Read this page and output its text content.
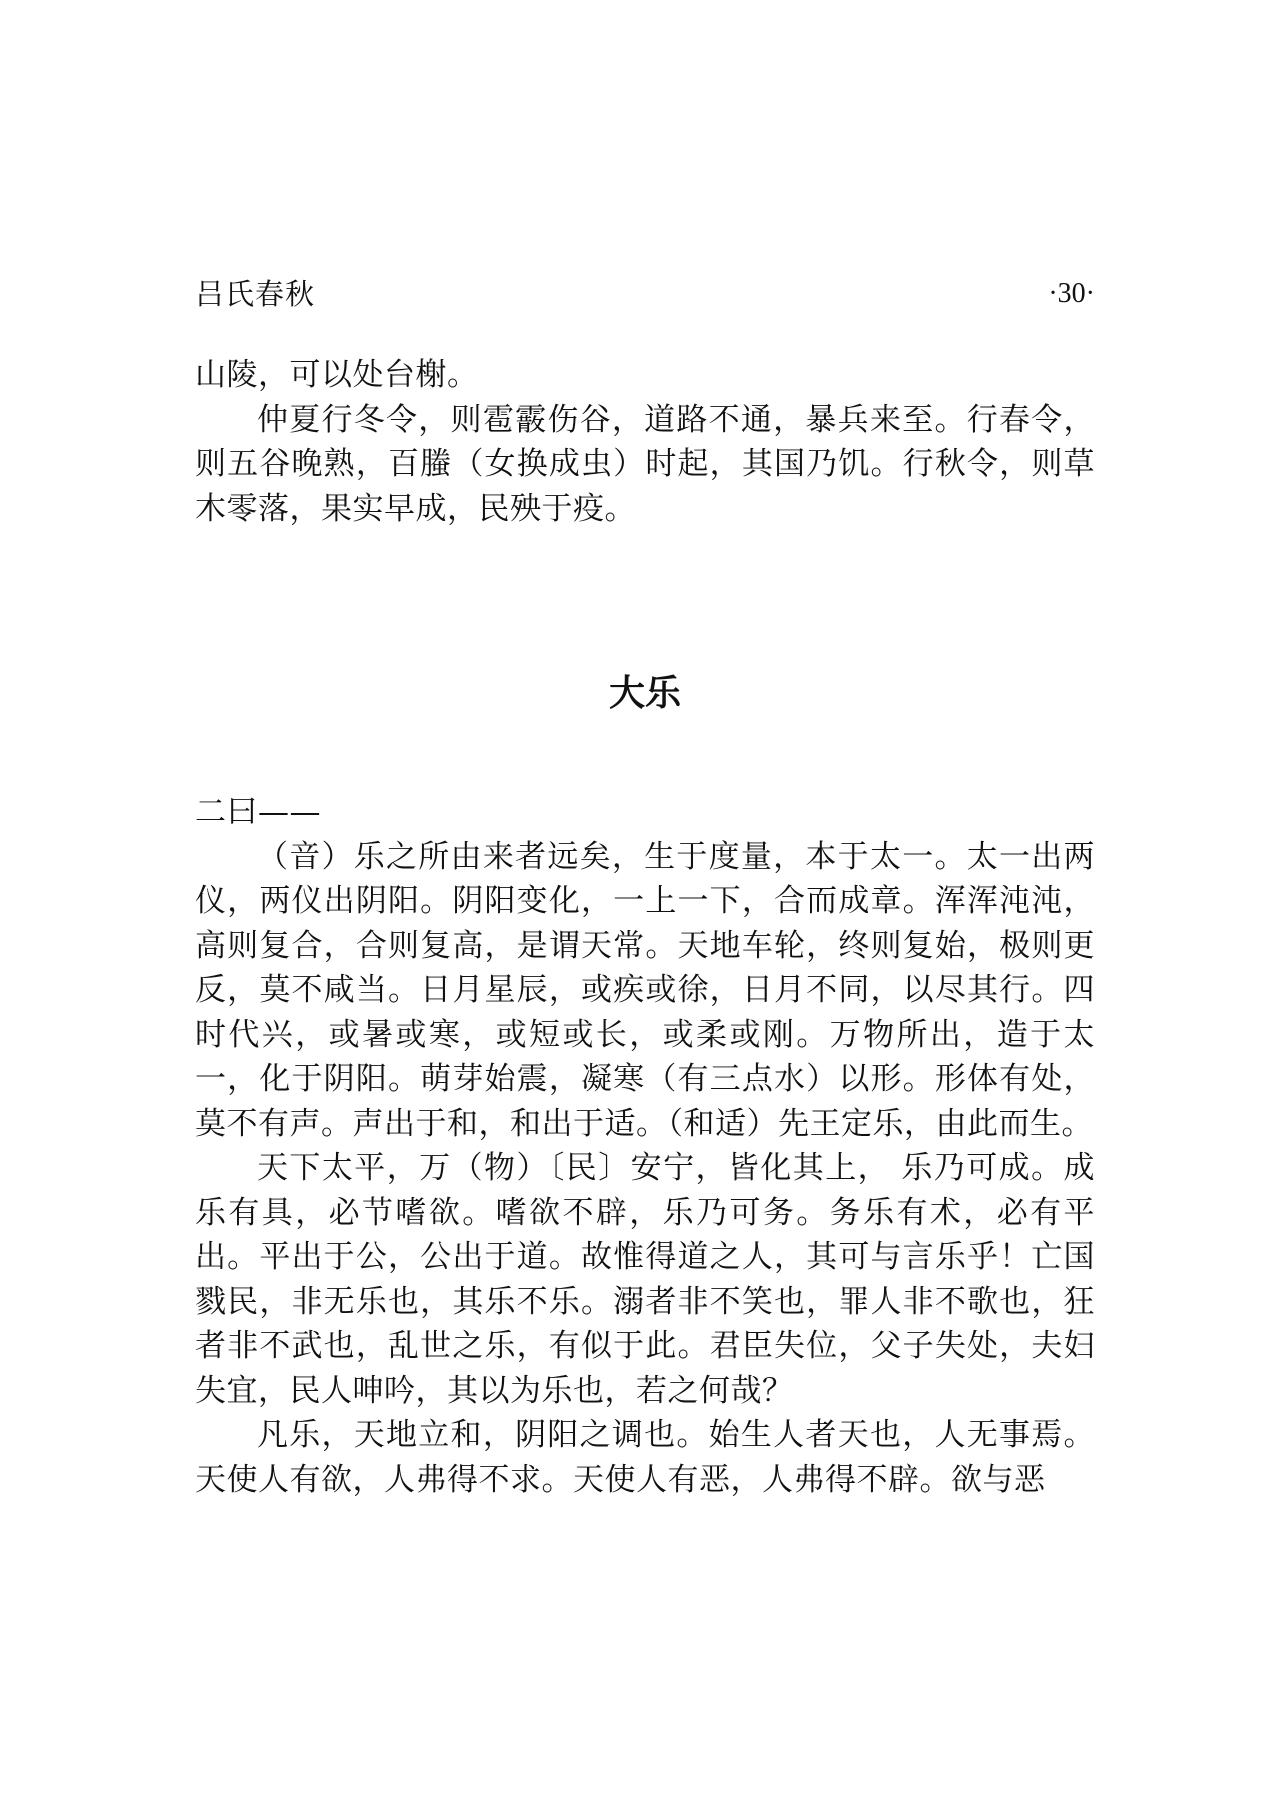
吕氏春秋	·30·

山陵，可以处台榭。

仲夏行冬令，则雹霰伤谷，道路不通，暴兵来至。行春令，则五谷晚熟，百螣（女换成虫）时起，其国乃饥。行秋令，则草木零落，果实早成，民殃于疫。

大乐

二曰——

（音）乐之所由来者远矣，生于度量，本于太一。太一出两仪，两仪出阴阳。阴阳变化，一上一下，合而成章。浑浑沌沌，高则复合，合则复高，是谓天常。天地车轮，终则复始，极则更反，莫不咸当。日月星辰，或疾或徐，日月不同，以尽其行。四时代兴，或暑或寒，或短或长，或柔或刚。万物所出，造于太一，化于阴阳。萌芽始震，凝寒（有三点水）以形。形体有处，莫不有声。声出于和，和出于适。（和适）先王定乐，由此而生。

天下太平，万（物）〔民〕安宁，皆化其上， 乐乃可成。成乐有具，必节嗜欲。嗜欲不辟，乐乃可务。务乐有术，必有平出。平出于公，公出于道。故惟得道之人，其可与言乐乎！亡国戮民，非无乐也，其乐不乐。溺者非不笑也，罪人非不歌也，狂者非不武也，乱世之乐，有似于此。君臣失位，父子失处，夫妇失宜，民人呻吟，其以为乐也，若之何哉？

凡乐，天地立和，阴阳之调也。始生人者天也，人无事焉。天使人有欲，人弗得不求。天使人有恶，人弗得不辟。欲与恶
